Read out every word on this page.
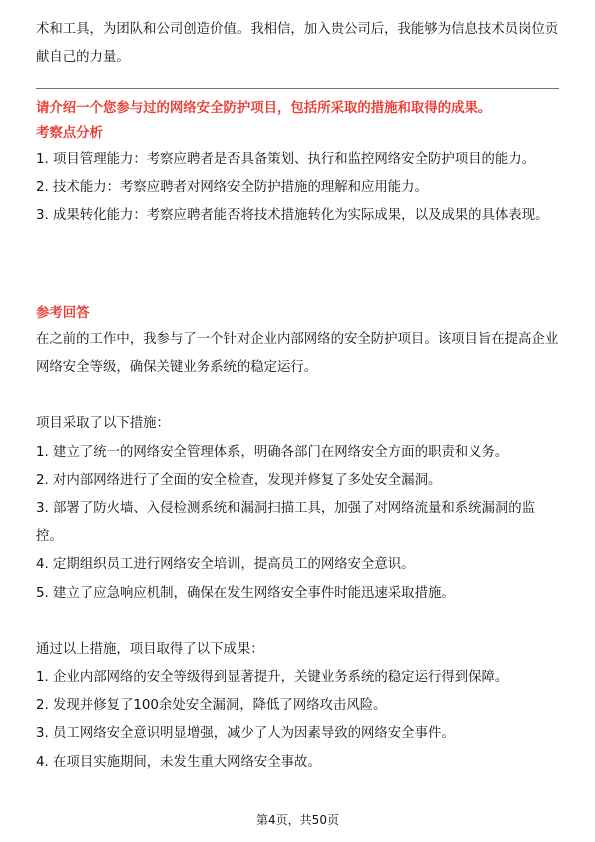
术和工具，为团队和公司创造价值。我相信，加入贵公司后，我能够为信息技术员岗位贡献自己的力量。

请介绍一个您参与过的网络安全防护项目，包括所采取的措施和取得的成果。

考察点分析

1. 项目管理能力：考察应聘者是否具备策划、执行和监控网络安全防护项目的能力。

2. 技术能力：考察应聘者对网络安全防护措施的理解和应用能力。

3. 成果转化能力：考察应聘者能否将技术措施转化为实际成果，以及成果的具体表现。

参考回答

在之前的工作中，我参与了一个针对企业内部网络的安全防护项目。该项目旨在提高企业网络安全等级，确保关键业务系统的稳定运行。

项目采取了以下措施：

1. 建立了统一的网络安全管理体系，明确各部门在网络安全方面的职责和义务。

2. 对内部网络进行了全面的安全检查，发现并修复了多处安全漏洞。

3. 部署了防火墙、入侵检测系统和漏洞扫描工具，加强了对网络流量和系统漏洞的监控。

4. 定期组织员工进行网络安全培训，提高员工的网络安全意识。

5. 建立了应急响应机制，确保在发生网络安全事件时能迅速采取措施。

通过以上措施，项目取得了以下成果：

1. 企业内部网络的安全等级得到显著提升，关键业务系统的稳定运行得到保障。

2. 发现并修复了100余处安全漏洞，降低了网络攻击风险。

3. 员工网络安全意识明显增强，减少了人为因素导致的网络安全事件。

4. 在项目实施期间，未发生重大网络安全事故。

第4页，共50页
